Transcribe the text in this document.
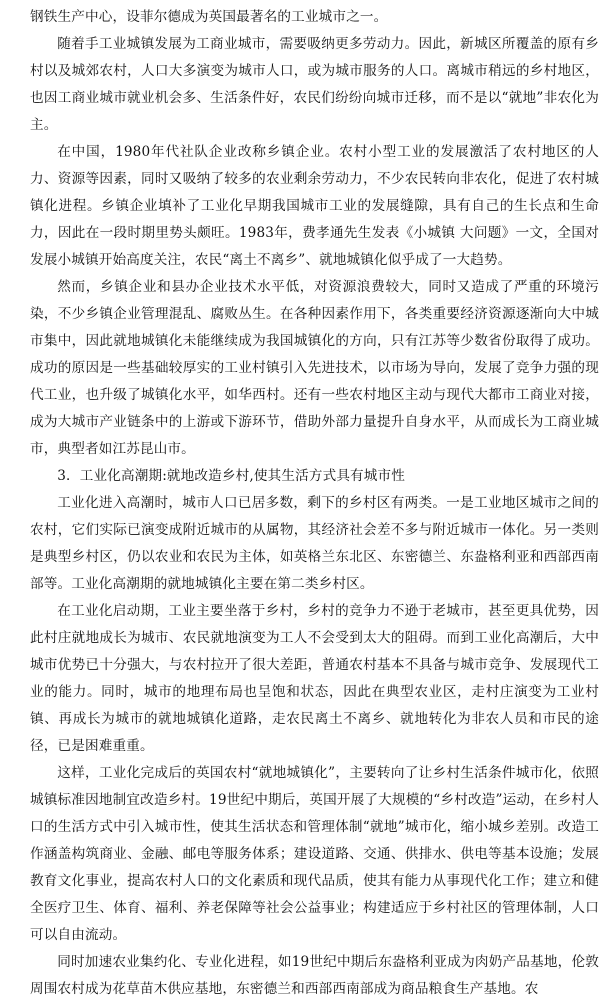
钢铁生产中心，设菲尔德成为英国最著名的工业城市之一。

随着手工业城镇发展为工商业城市，需要吸纳更多劳动力。因此，新城区所覆盖的原有乡村以及城郊农村，人口大多演变为城市人口，或为城市服务的人口。离城市稍远的乡村地区，也因工商业城市就业机会多、生活条件好，农民们纷纷向城市迁移，而不是以“就地”非农化为主。

在中国，1980年代社队企业改称乡镇企业。农村小型工业的发展激活了农村地区的人力、资源等因素，同时又吸纳了较多的农业剩余劳动力，不少农民转向非农化，促进了农村城镇化进程。乡镇企业填补了工业化早期我国城市工业的发展缝隙，具有自己的生长点和生命力，因此在一段时期里势头颇旺。1983年，费孝通先生发表《小城镇 大问题》一文，全国对发展小城镇开始高度关注，农民“离土不离乡”、就地城镇化似乎成了一大趋势。

然而，乡镇企业和县办企业技术水平低，对资源浪费较大，同时又造成了严重的环境污染，不少乡镇企业管理混乱、腐败丛生。在各种因素作用下，各类重要经济资源逐渐向大中城市集中，因此就地城镇化未能继续成为我国城镇化的方向，只有江苏等少数省份取得了成功。成功的原因是一些基础较厚实的工业村镇引入先进技术，以市场为导向，发展了竞争力强的现代工业，也升级了城镇化水平，如华西村。还有一些农村地区主动与现代大都市工商业对接，成为大城市产业链条中的上游或下游环节，借助外部力量提升自身水平，从而成长为工商业城市，典型者如江苏昆山市。

3．工业化高潮期:就地改造乡村,使其生活方式具有城市性

工业化进入高潮时，城市人口已居多数，剩下的乡村区有两类。一是工业地区城市之间的农村，它们实际已演变成附近城市的从属物，其经济社会差不多与附近城市一体化。另一类则是典型乡村区，仍以农业和农民为主体，如英格兰东北区、东密德兰、东盎格利亚和西部西南部等。工业化高潮期的就地城镇化主要在第二类乡村区。

在工业化启动期，工业主要坐落于乡村，乡村的竞争力不逊于老城市，甚至更具优势，因此村庄就地成长为城市、农民就地演变为工人不会受到太大的阻碍。而到工业化高潮后，大中城市优势已十分强大，与农村拉开了很大差距，普通农村基本不具备与城市竞争、发展现代工业的能力。同时，城市的地理布局也呈饱和状态，因此在典型农业区，走村庄演变为工业村镇、再成长为城市的就地城镇化道路，走农民离土不离乡、就地转化为非农人员和市民的途径，已是困难重重。

这样，工业化完成后的英国农村“就地城镇化”，主要转向了让乡村生活条件城市化，依照城镇标准因地制宜改造乡村。19世纪中期后，英国开展了大规模的“乡村改造”运动，在乡村人口的生活方式中引入城市性，使其生活状态和管理体制“就地”城市化，缩小城乡差别。改造工作涵盖构筑商业、金融、邮电等服务体系；建设道路、交通、供排水、供电等基本设施；发展教育文化事业，提高农村人口的文化素质和现代品质，使其有能力从事现代化工作；建立和健全医疗卫生、体育、福利、养老保障等社会公益事业；构建适应于乡村社区的管理体制，人口可以自由流动。

同时加速农业集约化、专业化进程，如19世纪中期后东盎格利亚成为肉奶产品基地，伦敦周围农村成为花草苗木供应基地，东密德兰和西部西南部成为商品粮食生产基地。农
